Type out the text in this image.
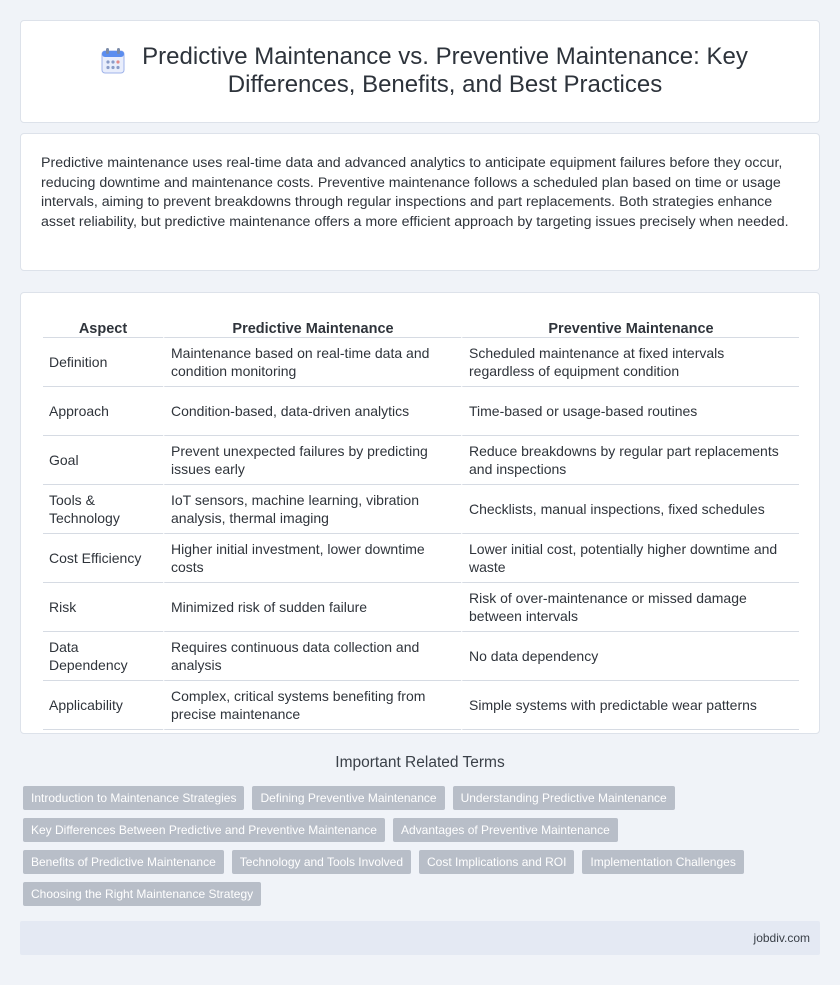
Predictive Maintenance vs. Preventive Maintenance: Key Differences, Benefits, and Best Practices

Predictive maintenance uses real-time data and advanced analytics to anticipate equipment failures before they occur, reducing downtime and maintenance costs. Preventive maintenance follows a scheduled plan based on time or usage intervals, aiming to prevent breakdowns through regular inspections and part replacements. Both strategies enhance asset reliability, but predictive maintenance offers a more efficient approach by targeting issues precisely when needed.

Aspect	Predictive Maintenance	Preventive Maintenance
Definition	Maintenance based on real-time data and condition monitoring	Scheduled maintenance at fixed intervals regardless of equipment condition
Approach	Condition-based, data-driven analytics	Time-based or usage-based routines
Goal	Prevent unexpected failures by predicting issues early	Reduce breakdowns by regular part replacements and inspections
Tools & Technology	IoT sensors, machine learning, vibration analysis, thermal imaging	Checklists, manual inspections, fixed schedules
Cost Efficiency	Higher initial investment, lower downtime costs	Lower initial cost, potentially higher downtime and waste
Risk	Minimized risk of sudden failure	Risk of over-maintenance or missed damage between intervals
Data Dependency	Requires continuous data collection and analysis	No data dependency
Applicability	Complex, critical systems benefiting from precise maintenance	Simple systems with predictable wear patterns
Important Related Terms
Introduction to Maintenance Strategies	Defining Preventive Maintenance	Understanding Predictive Maintenance
Key Differences Between Predictive and Preventive Maintenance	Advantages of Preventive Maintenance
Benefits of Predictive Maintenance	Technology and Tools Involved	Cost Implications and ROI	Implementation Challenges
Choosing the Right Maintenance Strategy
jobdiv.com
